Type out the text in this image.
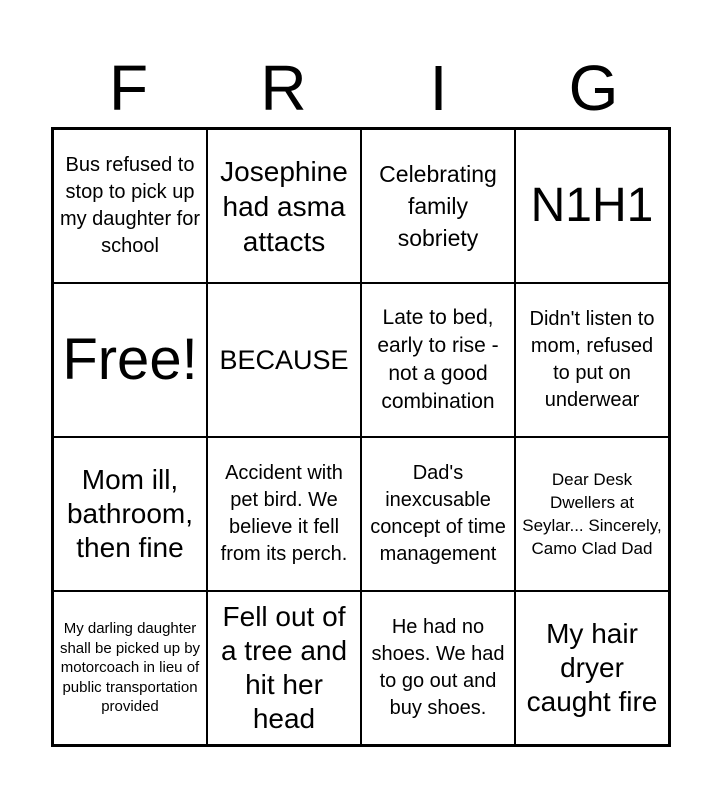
F	R	I	G
Bus refused to stop to pick up my daughter for school
Josephine had asma attacts
Celebrating family sobriety
N1H1
Free! BECAUSE
Late to bed, early to rise - not a good combination
Didn't listen to mom, refused to put on underwear
Mom ill, bathroom, then fine
Accident with pet bird. We believe it fell from its perch.
Dad's inexcusable concept of time management
Dear Desk Dwellers at Seylar... Sincerely, Camo Clad Dad
My darling daughter shall be picked up by motorcoach in lieu of public transportation provided
Fell out of a tree and hit her head
He had no shoes. We had to go out and buy shoes.
My hair dryer caught fire
